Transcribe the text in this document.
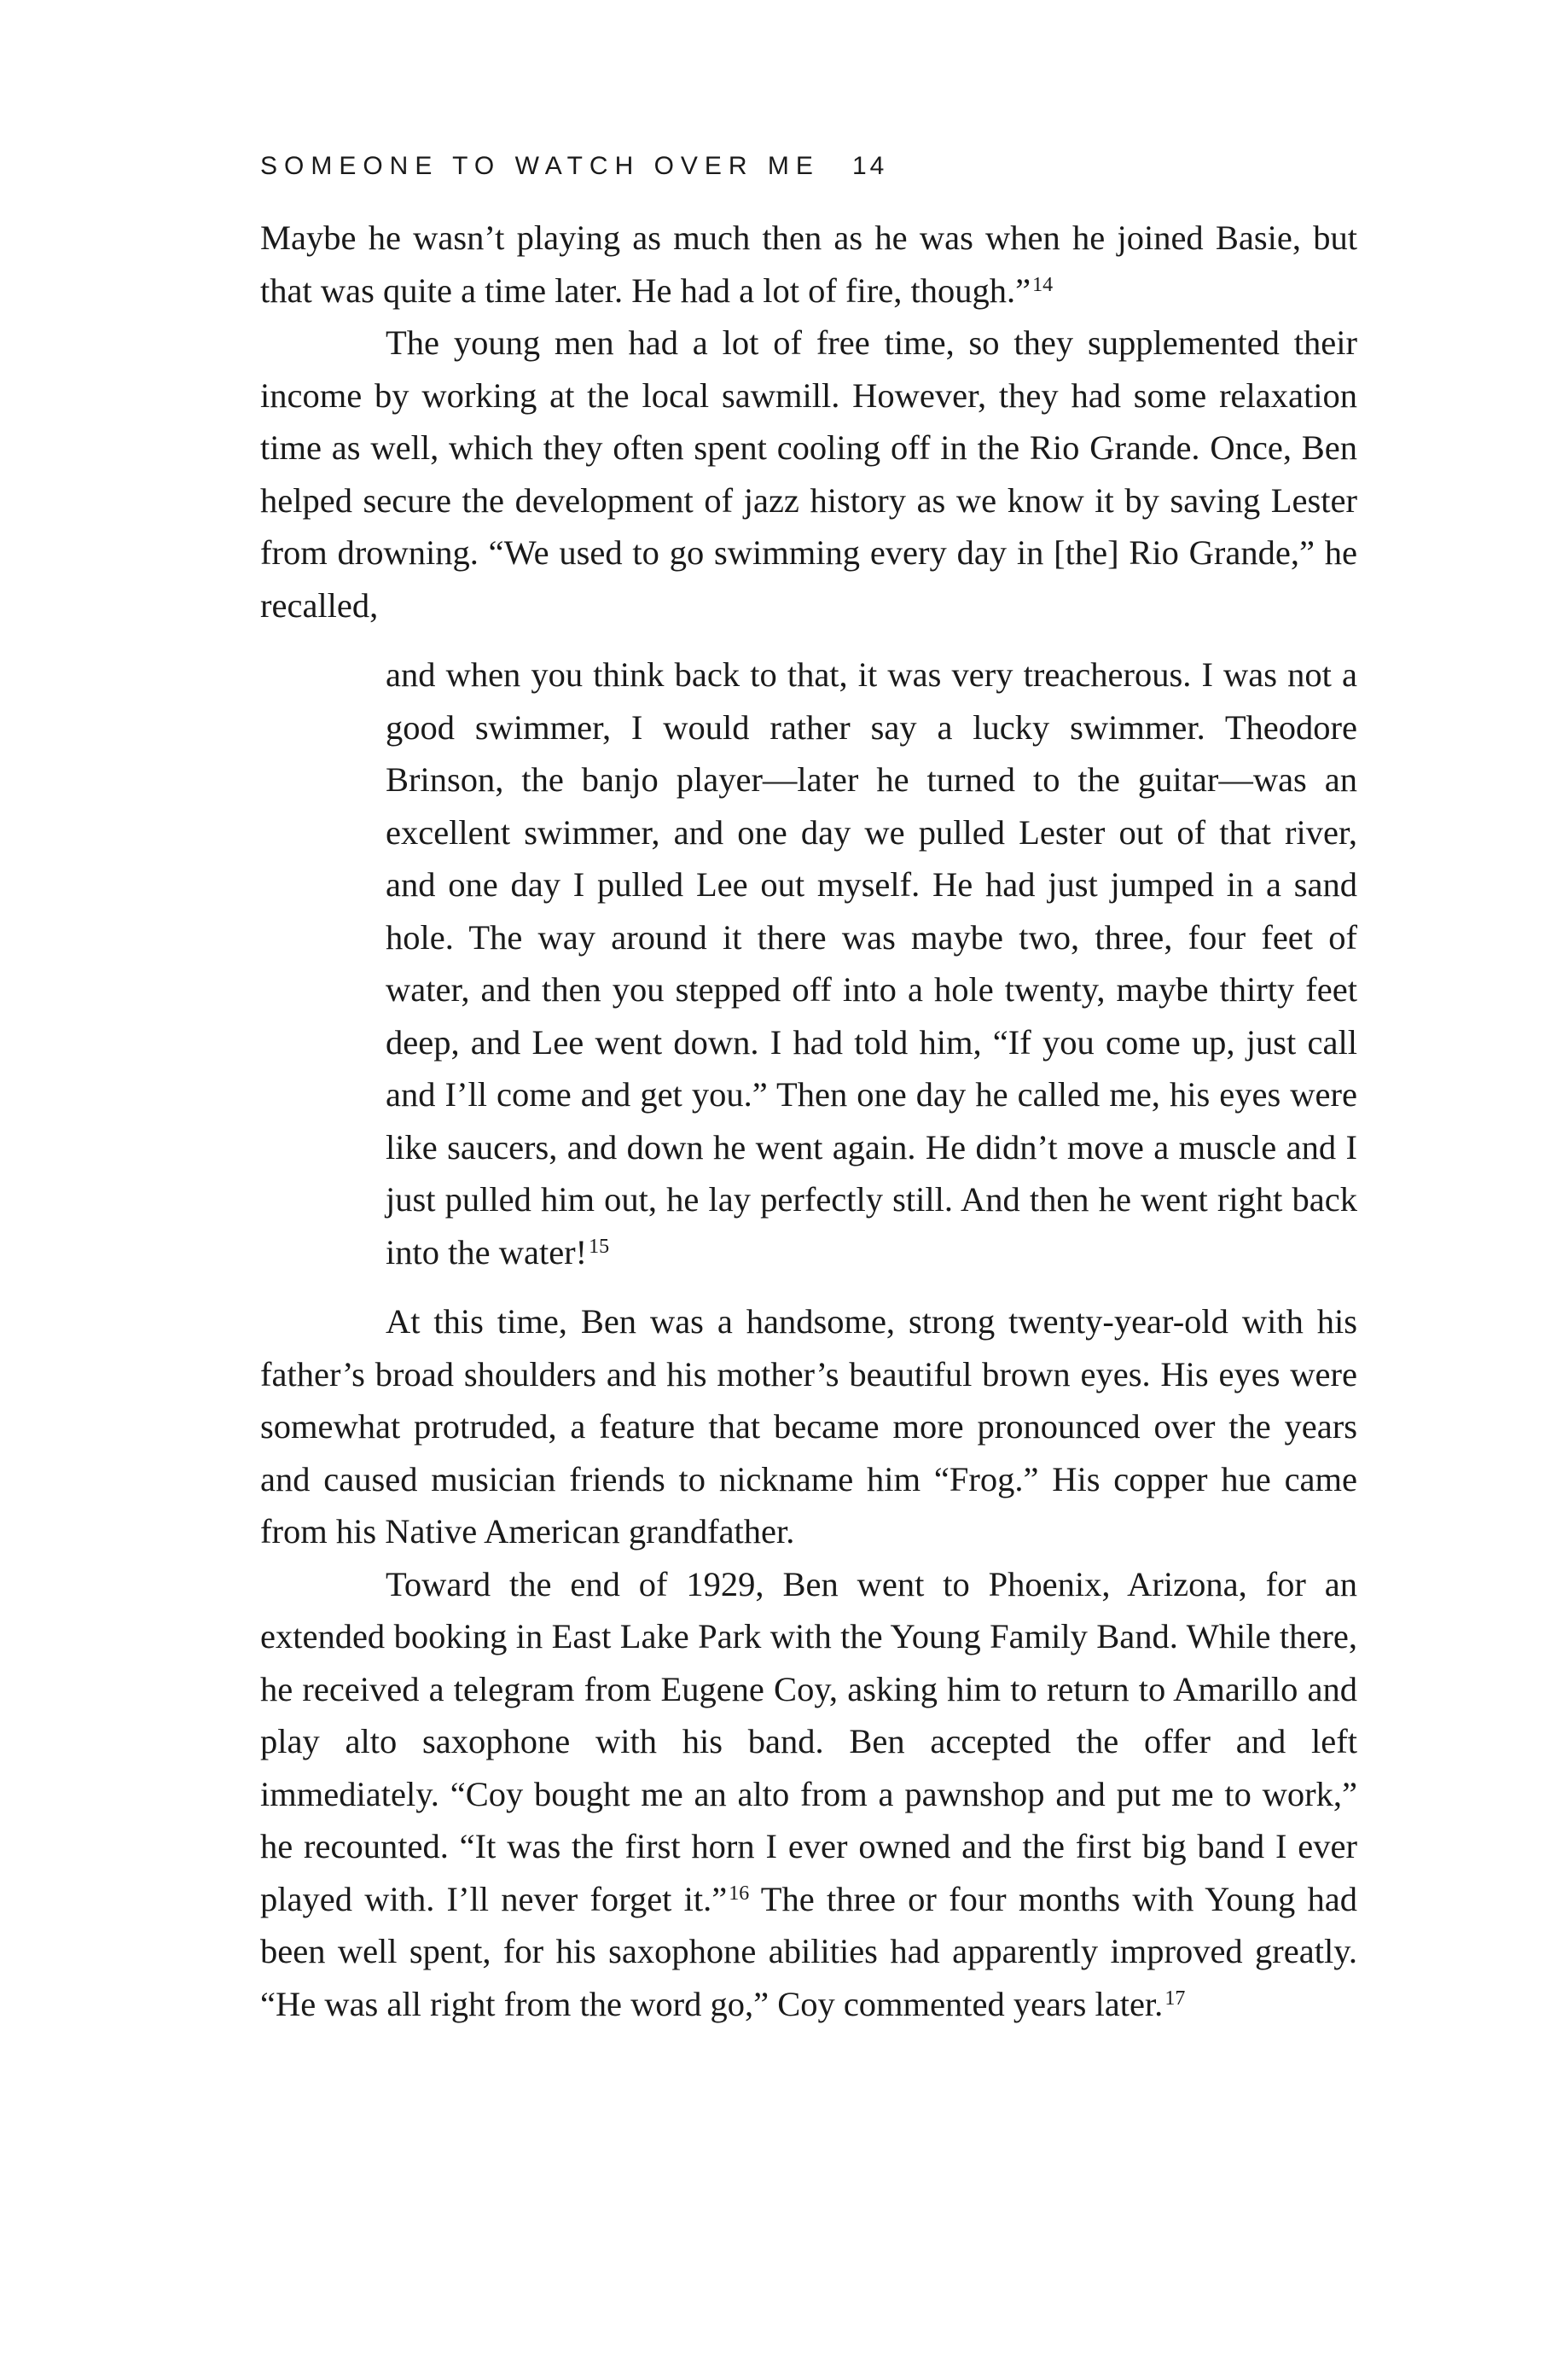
SOMEONE TO WATCH OVER ME 14

Maybe he wasn’t playing as much then as he was when he joined Basie, but that was quite a time later. He had a lot of fire, though.”$^{14}$

The young men had a lot of free time, so they supplemented their income by working at the local sawmill. However, they had some relaxation time as well, which they often spent cooling off in the Rio Grande. Once, Ben helped secure the development of jazz history as we know it by saving Lester from drowning. “We used to go swimming every day in [the] Rio Grande,” he recalled,

and when you think back to that, it was very treacherous. I was not a good swimmer, I would rather say a lucky swimmer. Theodore Brinson, the banjo player—later he turned to the guitar—was an excellent swimmer, and one day we pulled Lester out of that river, and one day I pulled Lee out myself. He had just jumped in a sand hole. The way around it there was maybe two, three, four feet of water, and then you stepped off into a hole twenty, maybe thirty feet deep, and Lee went down. I had told him, “If you come up, just call and I’ll come and get you.” Then one day he called me, his eyes were like saucers, and down he went again. He didn’t move a muscle and I just pulled him out, he lay perfectly still. And then he went right back into the water!$^{15}$

At this time, Ben was a handsome, strong twenty-year-old with his father’s broad shoulders and his mother’s beautiful brown eyes. His eyes were somewhat protruded, a feature that became more pronounced over the years and caused musician friends to nickname him “Frog.” His copper hue came from his Native American grandfather.

Toward the end of 1929, Ben went to Phoenix, Arizona, for an extended booking in East Lake Park with the Young Family Band. While there, he received a telegram from Eugene Coy, asking him to return to Amarillo and play alto saxophone with his band. Ben accepted the offer and left immediately. “Coy bought me an alto from a pawnshop and put me to work,” he recounted. “It was the first horn I ever owned and the first big band I ever played with. I’ll never forget it.”$^{16}$ The three or four months with Young had been well spent, for his saxophone abilities had apparently improved greatly. “He was all right from the word go,” Coy commented years later.$^{17}$
